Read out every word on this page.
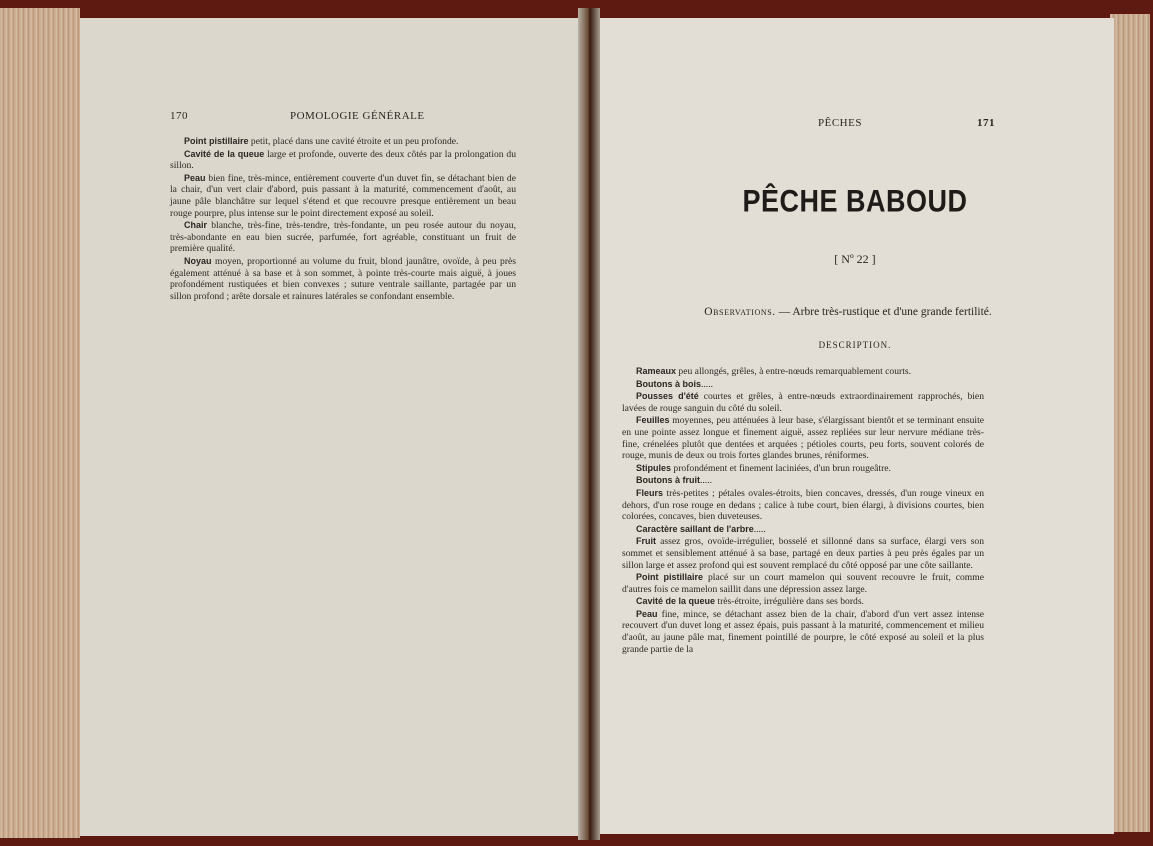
170	POMOLOGIE GÉNÉRALE

Point pistillaire petit, placé dans une cavité étroite et un peu profonde.

Cavité de la queue large et profonde, ouverte des deux côtés par la prolongation du sillon.

Peau bien fine, très-mince, entièrement couverte d'un duvet fin, se détachant bien de la chair, d'un vert clair d'abord, puis passant à la maturité, commencement d'août, au jaune pâle blanchâtre sur lequel s'étend et que recouvre presque entièrement un beau rouge pourpre, plus intense sur le point directement exposé au soleil.

Chair blanche, très-fine, très-tendre, très-fondante, un peu rosée autour du noyau, très-abondante en eau bien sucrée, parfumée, fort agréable, constituant un fruit de première qualité.

Noyau moyen, proportionné au volume du fruit, blond jaunâtre, ovoïde, à peu près également atténué à sa base et à son sommet, à pointe très-courte mais aiguë, à joues profondément rustiquées et bien convexes ; suture ventrale saillante, partagée par un sillon profond ; arête dorsale et rainures latérales se confondant ensemble.

PÊCHES	171
PÊCHE BABOUD
[ Nº 22 ]
Observations. — Arbre très-rustique et d'une grande fertilité.
DESCRIPTION.

Rameaux peu allongés, grêles, à entre-nœuds remarquablement courts.

Boutons à bois.....

Pousses d'été courtes et grêles, à entre-nœuds extraordinairement rapprochés, bien lavées de rouge sanguin du côté du soleil.

Feuilles moyennes, peu atténuées à leur base, s'élargissant bientôt et se terminant ensuite en une pointe assez longue et finement aiguë, assez repliées sur leur nervure médiane très-fine, crénelées plutôt que dentées et arquées ; pétioles courts, peu forts, souvent colorés de rouge, munis de deux ou trois fortes glandes brunes, réniformes.

Stipules profondément et finement laciniées, d'un brun rougeâtre.

Boutons à fruit.....

Fleurs très-petites ; pétales ovales-étroits, bien concaves, dressés, d'un rouge vineux en dehors, d'un rose rouge en dedans ; calice à tube court, bien élargi, à divisions courtes, bien colorées, concaves, bien duveteuses.

Caractère saillant de l'arbre.....

Fruit assez gros, ovoïde-irrégulier, bosselé et sillonné dans sa surface, élargi vers son sommet et sensiblement atténué à sa base, partagé en deux parties à peu près égales par un sillon large et assez profond qui est souvent remplacé du côté opposé par une côte saillante.

Point pistillaire placé sur un court mamelon qui souvent recouvre le fruit, comme d'autres fois ce mamelon saillit dans une dépression assez large.

Cavité de la queue très-étroite, irrégulière dans ses bords.

Peau fine, mince, se détachant assez bien de la chair, d'abord d'un vert assez intense recouvert d'un duvet long et assez épais, puis passant à la maturité, commencement et milieu d'août, au jaune pâle mat, finement pointillé de pourpre, le côté exposé au soleil et la plus grande partie de la
